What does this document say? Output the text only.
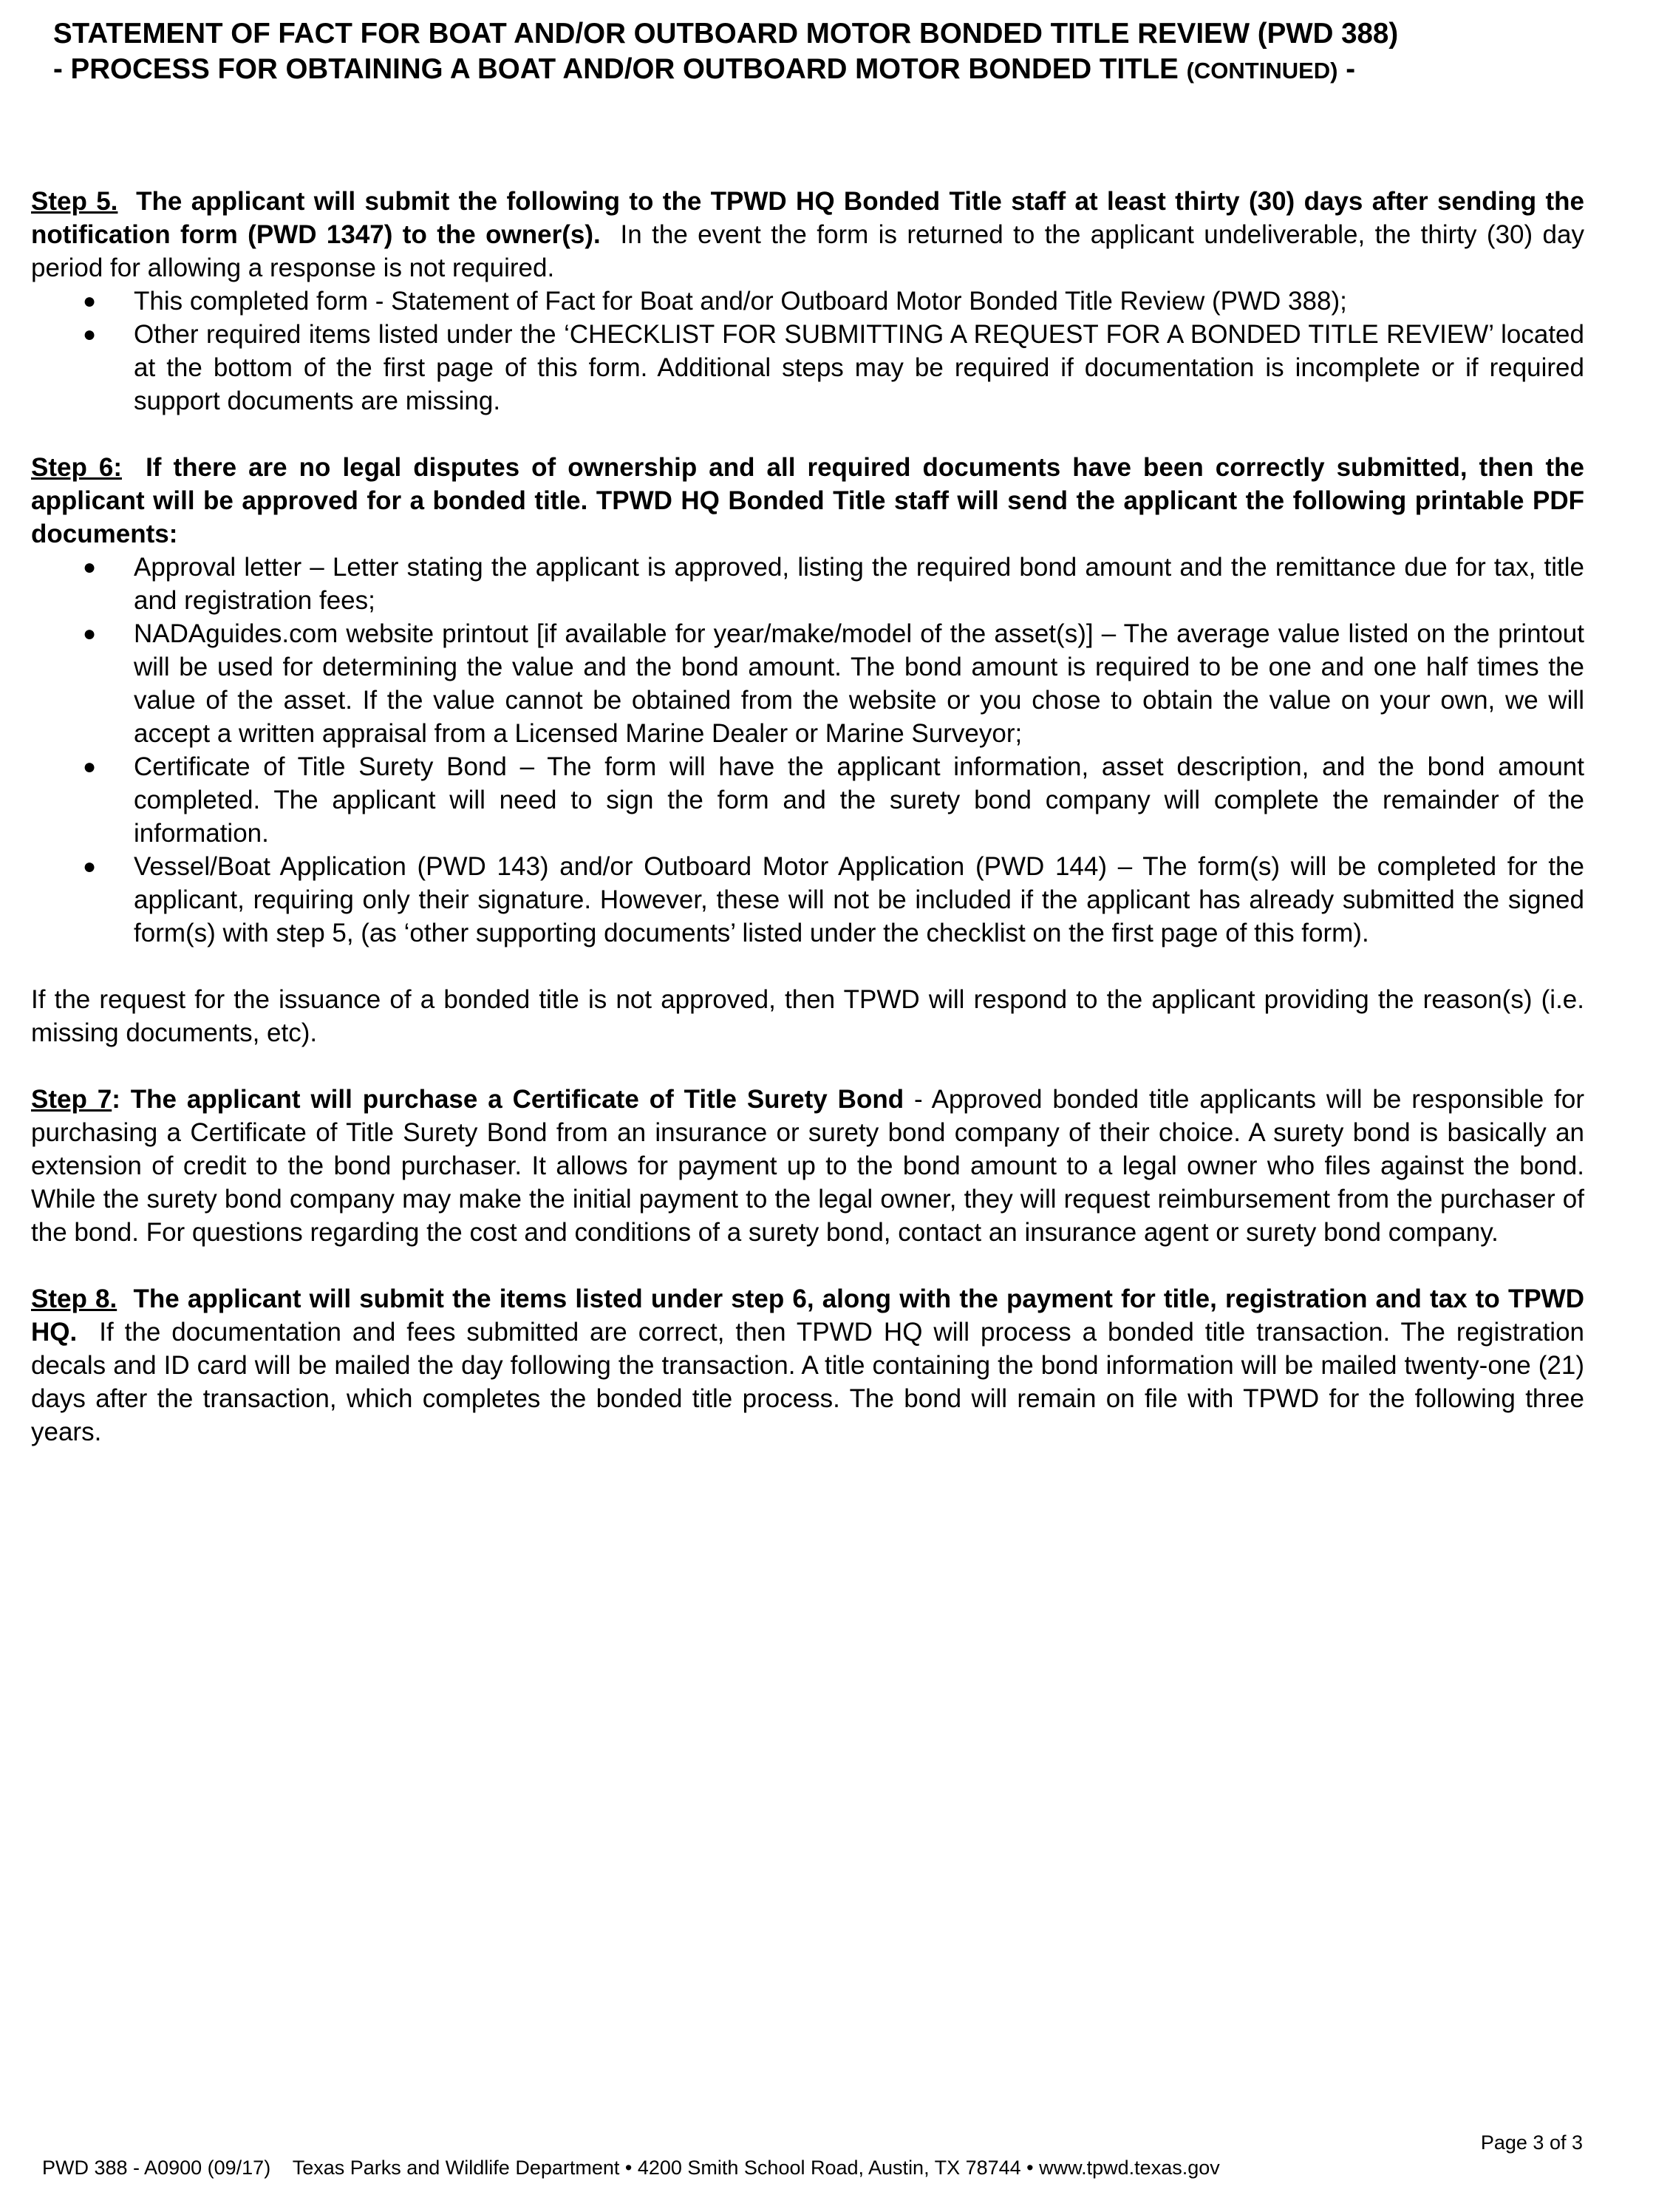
STATEMENT OF FACT FOR BOAT AND/OR OUTBOARD MOTOR BONDED TITLE REVIEW (PWD 388)
- PROCESS FOR OBTAINING A BOAT AND/OR OUTBOARD MOTOR BONDED TITLE (CONTINUED) -

Step 5. The applicant will submit the following to the TPWD HQ Bonded Title staff at least thirty (30) days after sending the notification form (PWD 1347) to the owner(s). In the event the form is returned to the applicant undeliverable, the thirty (30) day period for allowing a response is not required.

● This completed form - Statement of Fact for Boat and/or Outboard Motor Bonded Title Review (PWD 388);
● Other required items listed under the ‘CHECKLIST FOR SUBMITTING A REQUEST FOR A BONDED TITLE REVIEW’ located at the bottom of the first page of this form. Additional steps may be required if documentation is incomplete or if required support documents are missing.

Step 6: If there are no legal disputes of ownership and all required documents have been correctly submitted, then the applicant will be approved for a bonded title. TPWD HQ Bonded Title staff will send the applicant the following printable PDF documents:

● Approval letter – Letter stating the applicant is approved, listing the required bond amount and the remittance due for tax, title and registration fees;
● NADAguides.com website printout [if available for year/make/model of the asset(s)] – The average value listed on the printout will be used for determining the value and the bond amount. The bond amount is required to be one and one half times the value of the asset. If the value cannot be obtained from the website or you chose to obtain the value on your own, we will accept a written appraisal from a Licensed Marine Dealer or Marine Surveyor;
● Certificate of Title Surety Bond – The form will have the applicant information, asset description, and the bond amount completed. The applicant will need to sign the form and the surety bond company will complete the remainder of the information.
● Vessel/Boat Application (PWD 143) and/or Outboard Motor Application (PWD 144) – The form(s) will be completed for the applicant, requiring only their signature. However, these will not be included if the applicant has already submitted the signed form(s) with step 5, (as ‘other supporting documents’ listed under the checklist on the first page of this form).

If the request for the issuance of a bonded title is not approved, then TPWD will respond to the applicant providing the reason(s) (i.e. missing documents, etc).

Step 7: The applicant will purchase a Certificate of Title Surety Bond - Approved bonded title applicants will be responsible for purchasing a Certificate of Title Surety Bond from an insurance or surety bond company of their choice. A surety bond is basically an extension of credit to the bond purchaser. It allows for payment up to the bond amount to a legal owner who files against the bond. While the surety bond company may make the initial payment to the legal owner, they will request reimbursement from the purchaser of the bond. For questions regarding the cost and conditions of a surety bond, contact an insurance agent or surety bond company.

Step 8. The applicant will submit the items listed under step 6, along with the payment for title, registration and tax to TPWD HQ. If the documentation and fees submitted are correct, then TPWD HQ will process a bonded title transaction. The registration decals and ID card will be mailed the day following the transaction. A title containing the bond information will be mailed twenty-one (21) days after the transaction, which completes the bonded title process. The bond will remain on file with TPWD for the following three years.

PWD 388 - A0900 (09/17)    Texas Parks and Wildlife Department • 4200 Smith School Road, Austin, TX 78744 • www.tpwd.texas.gov

Page 3 of 3
